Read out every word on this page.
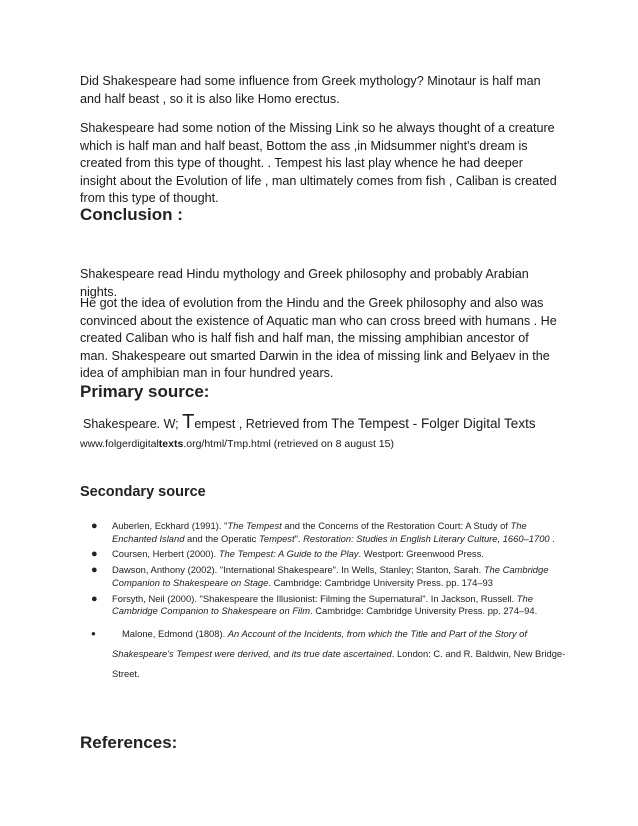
Did Shakespeare had some influence from Greek mythology? Minotaur is half man and half beast , so it is also like Homo erectus.
Shakespeare had some notion of the Missing Link so he always thought of a creature which is half man and half beast, Bottom the ass ,in Midsummer night's dream is created from this type of thought. . Tempest his last play whence he had deeper insight about the Evolution of life , man ultimately comes from fish , Caliban is created from this type of thought.
Conclusion :
Shakespeare read Hindu mythology and Greek philosophy and probably Arabian nights.
He got the idea of evolution from the Hindu and the Greek philosophy and also was convinced about the existence of Aquatic man who can cross breed with humans . He created Caliban who is half fish and half man, the missing amphibian ancestor of man. Shakespeare out smarted Darwin in the idea of missing link and Belyaev in the idea of amphibian man in four hundred years.
Primary source:
Shakespeare. W; Tempest , Retrieved from The Tempest - Folger Digital Texts
www.folgerdigitaltexts.org/html/Tmp.html (retrieved on 8 august 15)
Secondary source
● Auberlen, Eckhard (1991). "The Tempest and the Concerns of the Restoration Court: A Study of The Enchanted Island and the Operatic Tempest". Restoration: Studies in English Literary Culture, 1660–1700 .
● Coursen, Herbert (2000). The Tempest: A Guide to the Play. Westport: Greenwood Press.
● Dawson, Anthony (2002). "International Shakespeare". In Wells, Stanley; Stanton, Sarah. The Cambridge Companion to Shakespeare on Stage. Cambridge: Cambridge University Press. pp. 174–93
● Forsyth, Neil (2000). "Shakespeare the Illusionist: Filming the Supernatural". In Jackson, Russell. The Cambridge Companion to Shakespeare on Film. Cambridge: Cambridge University Press. pp. 274–94.
●	Malone, Edmond (1808). An Account of the Incidents, from which the Title and Part of the Story of Shakespeare's Tempest were derived, and its true date ascertained. London: C. and R. Baldwin, New Bridge-Street.
References:
